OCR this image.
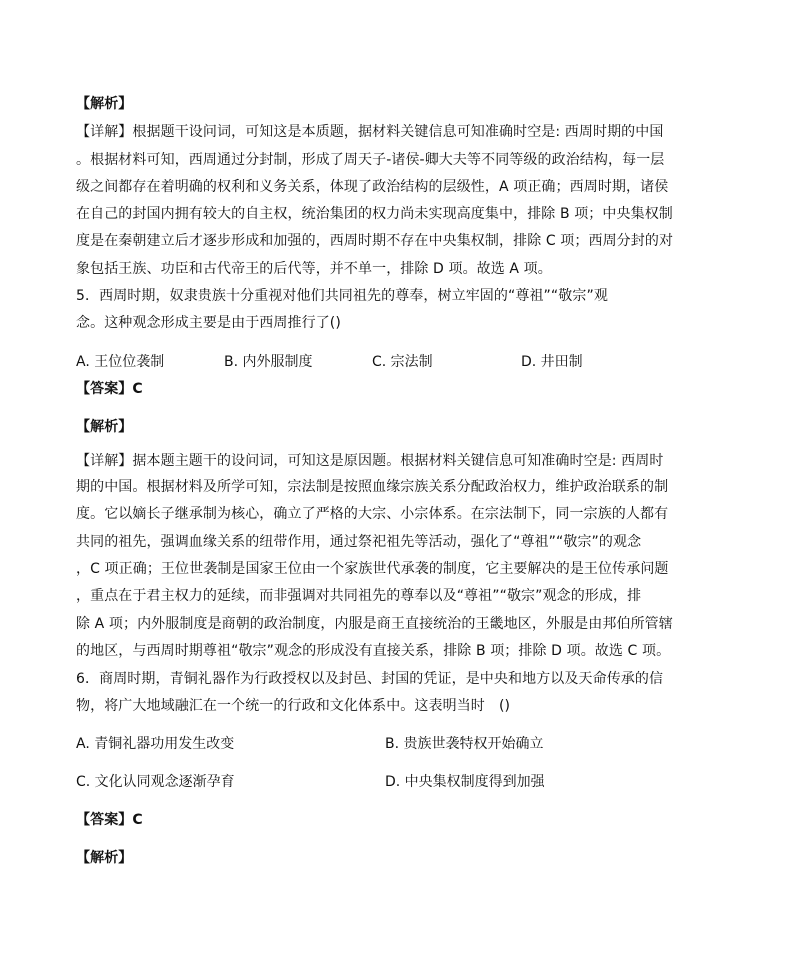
【解析】
【详解】根据题干设问词，可知这是本质题，据材料关键信息可知准确时空是: 西周时期的中国
。根据材料可知，西周通过分封制，形成了周天子-诸侯-卿大夫等不同等级的政治结构，每一层
级之间都存在着明确的权利和义务关系，体现了政治结构的层级性，A 项正确；西周时期，诸侯
在自己的封国内拥有较大的自主权，统治集团的权力尚未实现高度集中，排除 B 项；中央集权制
度是在秦朝建立后才逐步形成和加强的，西周时期不存在中央集权制，排除 C 项；西周分封的对
象包括王族、功臣和古代帝王的后代等，并不单一，排除 D 项。故选 A 项。
5．西周时期，奴隶贵族十分重视对他们共同祖先的尊奉，树立牢固的“尊祖”“敬宗”观
念。这种观念形成主要是由于西周推行了()
A. 王位位袭制	B. 内外服制度	C. 宗法制	D. 井田制
【答案】C
【解析】
【详解】据本题主题干的设问词，可知这是原因题。根据材料关键信息可知准确时空是: 西周时
期的中国。根据材料及所学可知，宗法制是按照血缘宗族关系分配政治权力，维护政治联系的制
度。它以嫡长子继承制为核心，确立了严格的大宗、小宗体系。在宗法制下，同一宗族的人都有
共同的祖先，强调血缘关系的纽带作用，通过祭祀祖先等活动，强化了“尊祖”“敬宗”的观念
，C 项正确；王位世袭制是国家王位由一个家族世代承袭的制度，它主要解决的是王位传承问题
，重点在于君主权力的延续，而非强调对共同祖先的尊奉以及“尊祖”“敬宗”观念的形成，排
除 A 项；内外服制度是商朝的政治制度，内服是商王直接统治的王畿地区，外服是由邦伯所管辖
的地区，与西周时期尊祖“敬宗”观念的形成没有直接关系，排除 B 项；排除 D 项。故选 C 项。
6．商周时期，青铜礼器作为行政授权以及封邑、封国的凭证，是中央和地方以及天命传承的信
物，将广大地域融汇在一个统一的行政和文化体系中。这表明当时　()
A. 青铜礼器功用发生改变	B. 贵族世袭特权开始确立
C. 文化认同观念逐渐孕育	D. 中央集权制度得到加强
【答案】C
【解析】
